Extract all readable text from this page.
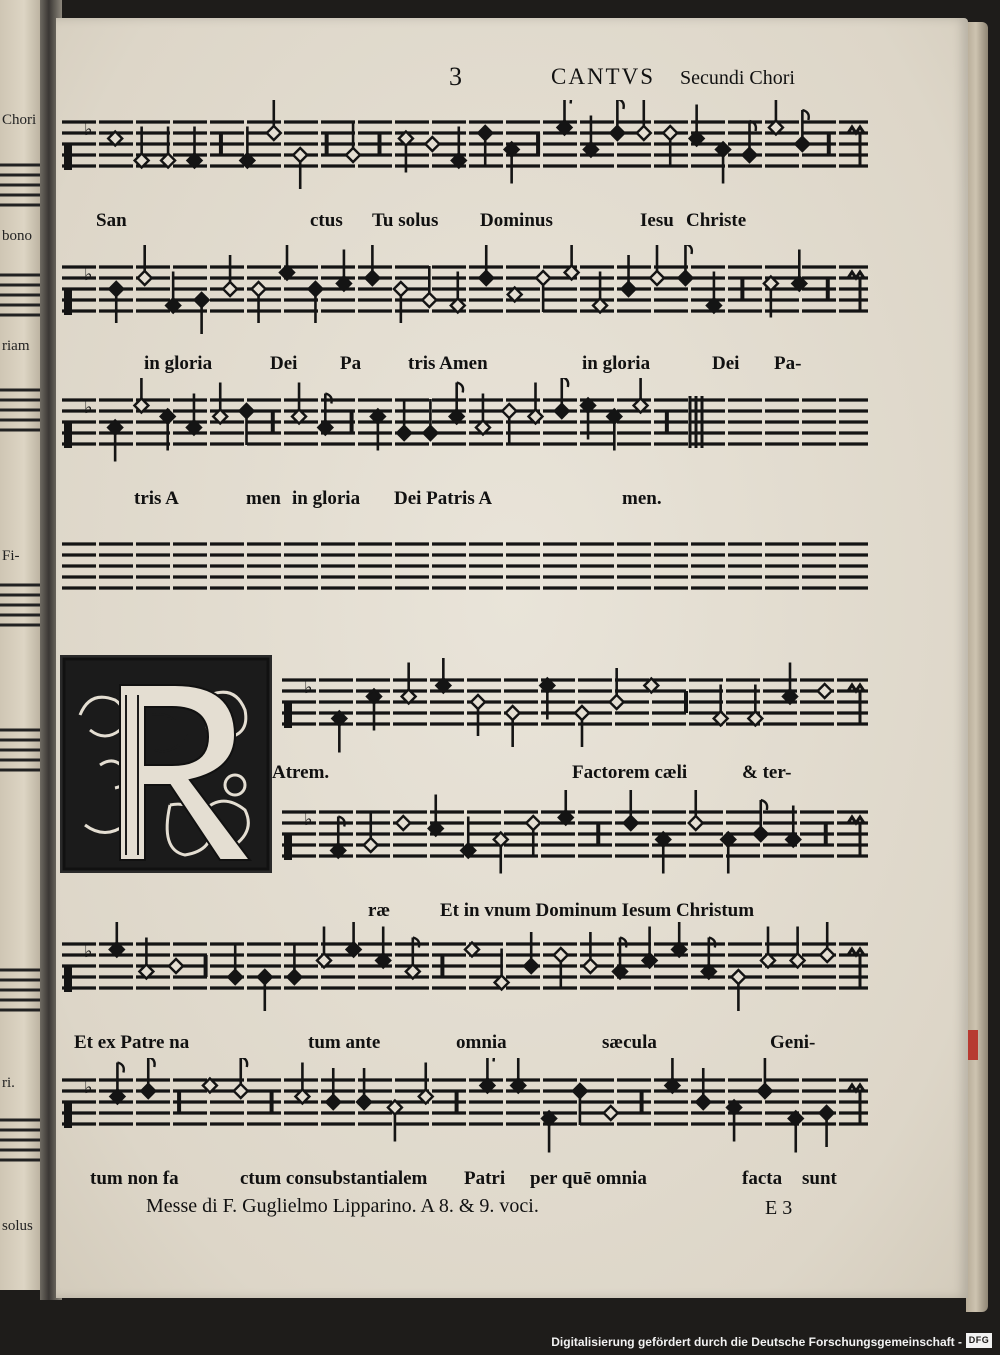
Chori
bono
riam
Fi-
ri.
solus
3	CANTVS Secundi Chori
♭
San	ctus Tu solus Dominus	Iesu Christe
♭
in gloria	Dei Pa tris Amen	in gloria	Dei Pa-
♭
tris A	men in gloria Dei Patris A	men.
♭
Atrem.	Factorem cæli	& ter-
♭
ræ	Et in vnum Dominum Iesum Christum
♭
Et ex Patre na	tum ante	omnia	sæcula	Geni-
♭
tum non fa	ctum consubstantialem Patri per quē omnia	facta sunt
Messe di F. Guglielmo Lipparino. A 8. & 9. voci.	E 3
Digitalisierung gefördert durch die Deutsche Forschungsgemeinschaft - DFG
